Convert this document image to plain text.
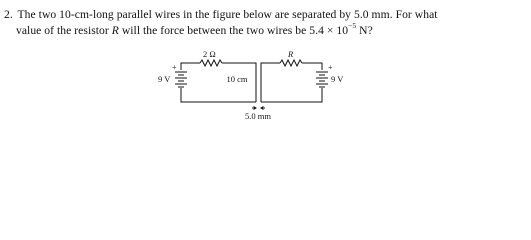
2. The two 10-cm-long parallel wires in the figure below are separated by 5.0 mm. For what
value of the resistor R will the force between the two wires be $5.4 \times 10^{-5}$ N?
2 Ω	R
+
9 V
+
9 V
10 cm
5.0 mm
